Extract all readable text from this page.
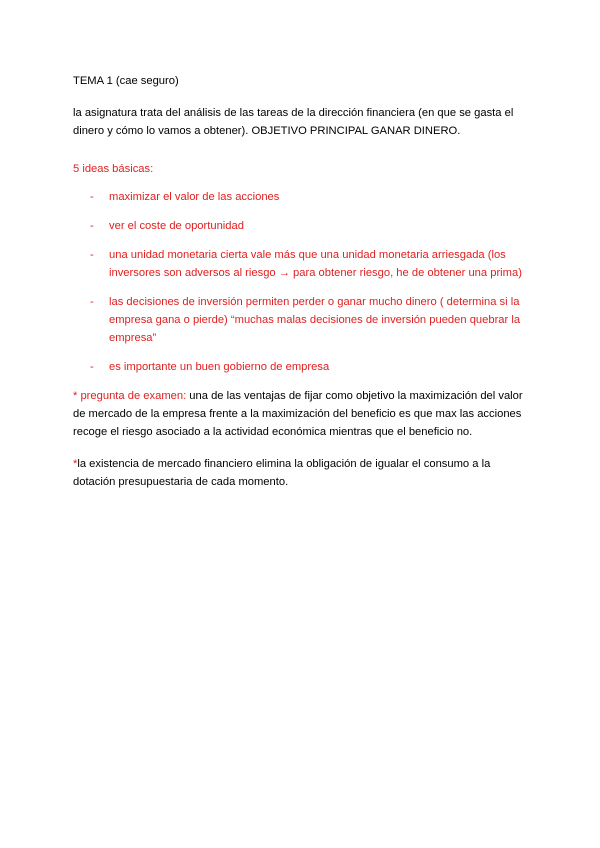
TEMA 1 (cae seguro)

la asignatura trata del análisis de las tareas de la dirección financiera (en que se gasta el dinero y cómo lo vamos a obtener). OBJETIVO PRINCIPAL GANAR DINERO.

5 ideas básicas:

- maximizar el valor de las acciones
- ver el coste de oportunidad
- una unidad monetaria cierta vale más que una unidad monetaria arriesgada (los inversores son adversos al riesgo → para obtener riesgo, he de obtener una prima)
- las decisiones de inversión permiten perder o ganar mucho dinero ( determina si la empresa gana o pierde) “muchas malas decisiones de inversión pueden quebrar la empresa”
- es importante un buen gobierno de empresa

* pregunta de examen: una de las ventajas de fijar como objetivo la maximización del valor de mercado de la empresa frente a la maximización del beneficio es que max las acciones recoge el riesgo asociado a la actividad económica mientras que el beneficio no.

*la existencia de mercado financiero elimina la obligación de igualar el consumo a la dotación presupuestaria de cada momento.
